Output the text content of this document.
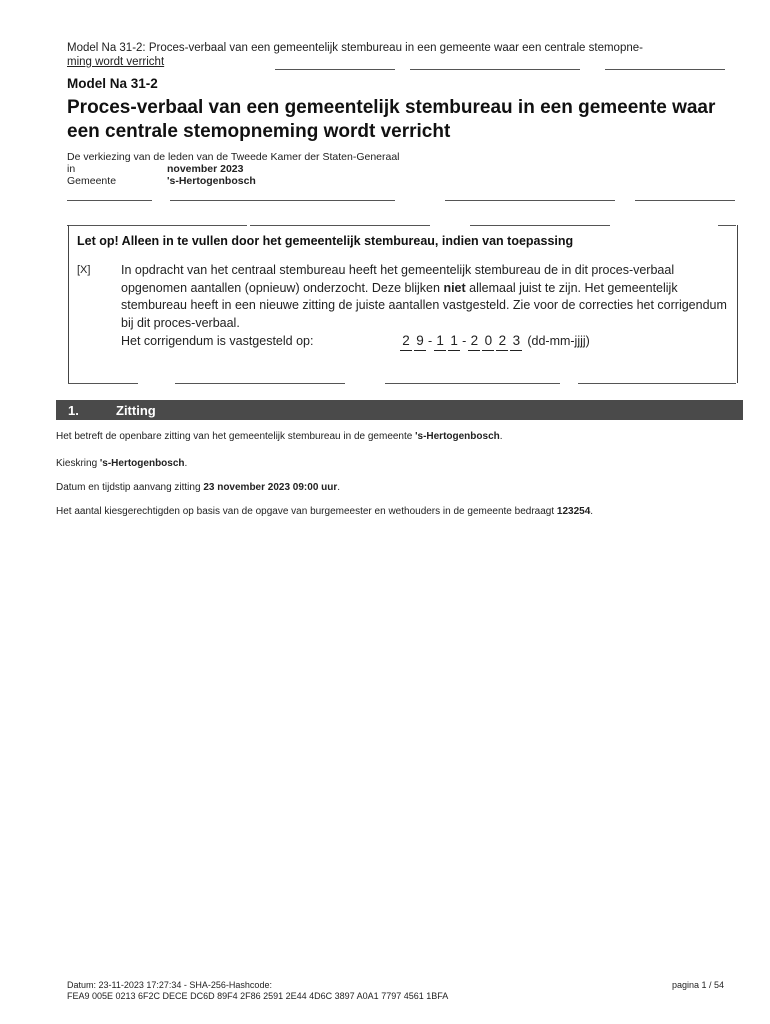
Model Na 31-2: Proces-verbaal van een gemeentelijk stembureau in een gemeente waar een centrale stemopne-
ming wordt verricht
Model Na 31-2
Proces-verbaal van een gemeentelijk stembureau in een gemeente waar een centrale stemopneming wordt verricht
De verkiezing van de leden van de Tweede Kamer der Staten-Generaal
in	november 2023
Gemeente	's-Hertogenbosch
Let op! Alleen in te vullen door het gemeentelijk stembureau, indien van toepassing
[X] In opdracht van het centraal stembureau heeft het gemeentelijk stembureau de in dit proces-verbaal opgenomen aantallen (opnieuw) onderzocht. Deze blijken niet allemaal juist te zijn. Het gemeentelijk stembureau heeft in een nieuwe zitting de juiste aantallen vastgesteld. Zie voor de correcties het corrigendum bij dit proces-verbaal.
Het corrigendum is vastgesteld op:	2 9 - 1 1 - 2 0 2 3 (dd-mm-jjjj)
1.	Zitting
Het betreft de openbare zitting van het gemeentelijk stembureau in de gemeente 's-Hertogenbosch.
Kieskring 's-Hertogenbosch.
Datum en tijdstip aanvang zitting 23 november 2023 09:00 uur.
Het aantal kiesgerechtigden op basis van de opgave van burgemeester en wethouders in de gemeente bedraagt 123254.
Datum: 23-11-2023 17:27:34 - SHA-256-Hashcode:
FEA9 005E 0213 6F2C DECE DC6D 89F4 2F86 2591 2E44 4D6C 3897 A0A1 7797 4561 1BFA
pagina 1 / 54
